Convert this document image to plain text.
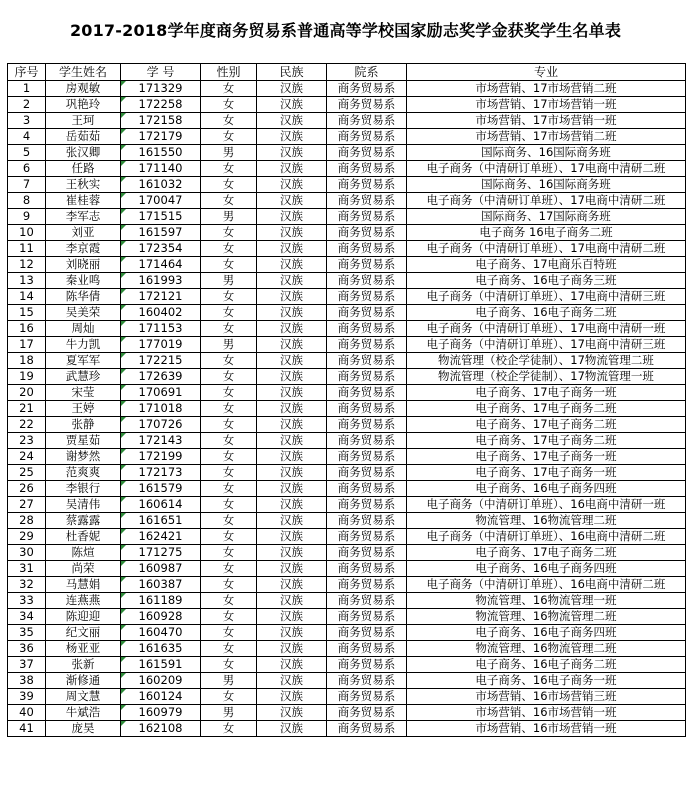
2017-2018学年度商务贸易系普通高等学校国家励志奖学金获奖学生名单表
序号	学生姓名	学 号	性别	民族	院系	专业
1	房观敏	171329	女	汉族	商务贸易系	市场营销、17市场营销二班
2	巩艳玲	172258	女	汉族	商务贸易系	市场营销、17市场营销一班
3	王珂	172158	女	汉族	商务贸易系	市场营销、17市场营销一班
4	岳茹茹	172179	女	汉族	商务贸易系	市场营销、17市场营销二班
5	张汉卿	161550	男	汉族	商务贸易系	国际商务、16国际商务班
6	任路	171140	女	汉族	商务贸易系	电子商务（中清研订单班）、17电商中清研二班
7	王秋实	161032	女	汉族	商务贸易系	国际商务、16国际商务班
8	崔桂蓉	170047	女	汉族	商务贸易系	电子商务（中清研订单班）、17电商中清研二班
9	李军志	171515	男	汉族	商务贸易系	国际商务、17国际商务班
10	刘亚	161597	女	汉族	商务贸易系	电子商务 16电子商务二班
11	李京霞	172354	女	汉族	商务贸易系	电子商务（中清研订单班）、17电商中清研二班
12	刘晓丽	171464	女	汉族	商务贸易系	电子商务、17电商乐百特班
13	秦业鸣	161993	男	汉族	商务贸易系	电子商务、16电子商务三班
14	陈华倩	172121	女	汉族	商务贸易系	电子商务（中清研订单班）、17电商中清研三班
15	吴美荣	160402	女	汉族	商务贸易系	电子商务、16电子商务二班
16	周灿	171153	女	汉族	商务贸易系	电子商务（中清研订单班）、17电商中清研一班
17	牛力凯	177019	男	汉族	商务贸易系	电子商务（中清研订单班）、17电商中清研三班
18	夏军军	172215	女	汉族	商务贸易系	物流管理（校企学徒制）、17物流管理二班
19	武慧珍	172639	女	汉族	商务贸易系	物流管理（校企学徒制）、17物流管理一班
20	宋莹	170691	女	汉族	商务贸易系	电子商务、17电子商务一班
21	王婷	171018	女	汉族	商务贸易系	电子商务、17电子商务二班
22	张静	170726	女	汉族	商务贸易系	电子商务、17电子商务二班
23	贾星茹	172143	女	汉族	商务贸易系	电子商务、17电子商务二班
24	谢梦然	172199	女	汉族	商务贸易系	电子商务、17电子商务一班
25	范爽爽	172173	女	汉族	商务贸易系	电子商务、17电子商务一班
26	李银行	161579	女	汉族	商务贸易系	电子商务、16电子商务四班
27	吴清伟	160614	女	汉族	商务贸易系	电子商务（中清研订单班）、16电商中清研一班
28	蔡露露	161651	女	汉族	商务贸易系	物流管理、16物流管理二班
29	杜香妮	162421	女	汉族	商务贸易系	电子商务（中清研订单班）、16电商中清研二班
30	陈煊	171275	女	汉族	商务贸易系	电子商务、17电子商务二班
31	尚荣	160987	女	汉族	商务贸易系	电子商务、16电子商务四班
32	马慧娟	160387	女	汉族	商务贸易系	电子商务（中清研订单班）、16电商中清研二班
33	连燕燕	161189	女	汉族	商务贸易系	物流管理、16物流管理一班
34	陈迎迎	160928	女	汉族	商务贸易系	物流管理、16物流管理二班
35	纪文丽	160470	女	汉族	商务贸易系	电子商务、16电子商务四班
36	杨亚亚	161635	女	汉族	商务贸易系	物流管理、16物流管理二班
37	张新	161591	女	汉族	商务贸易系	电子商务、16电子商务二班
38	渐修通	160209	男	汉族	商务贸易系	电子商务、16电子商务一班
39	周文慧	160124	女	汉族	商务贸易系	市场营销、16市场营销三班
40	牛斌浩	160979	男	汉族	商务贸易系	市场营销、16市场营销一班
41	庞昊	162108	女	汉族	商务贸易系	市场营销、16市场营销一班
